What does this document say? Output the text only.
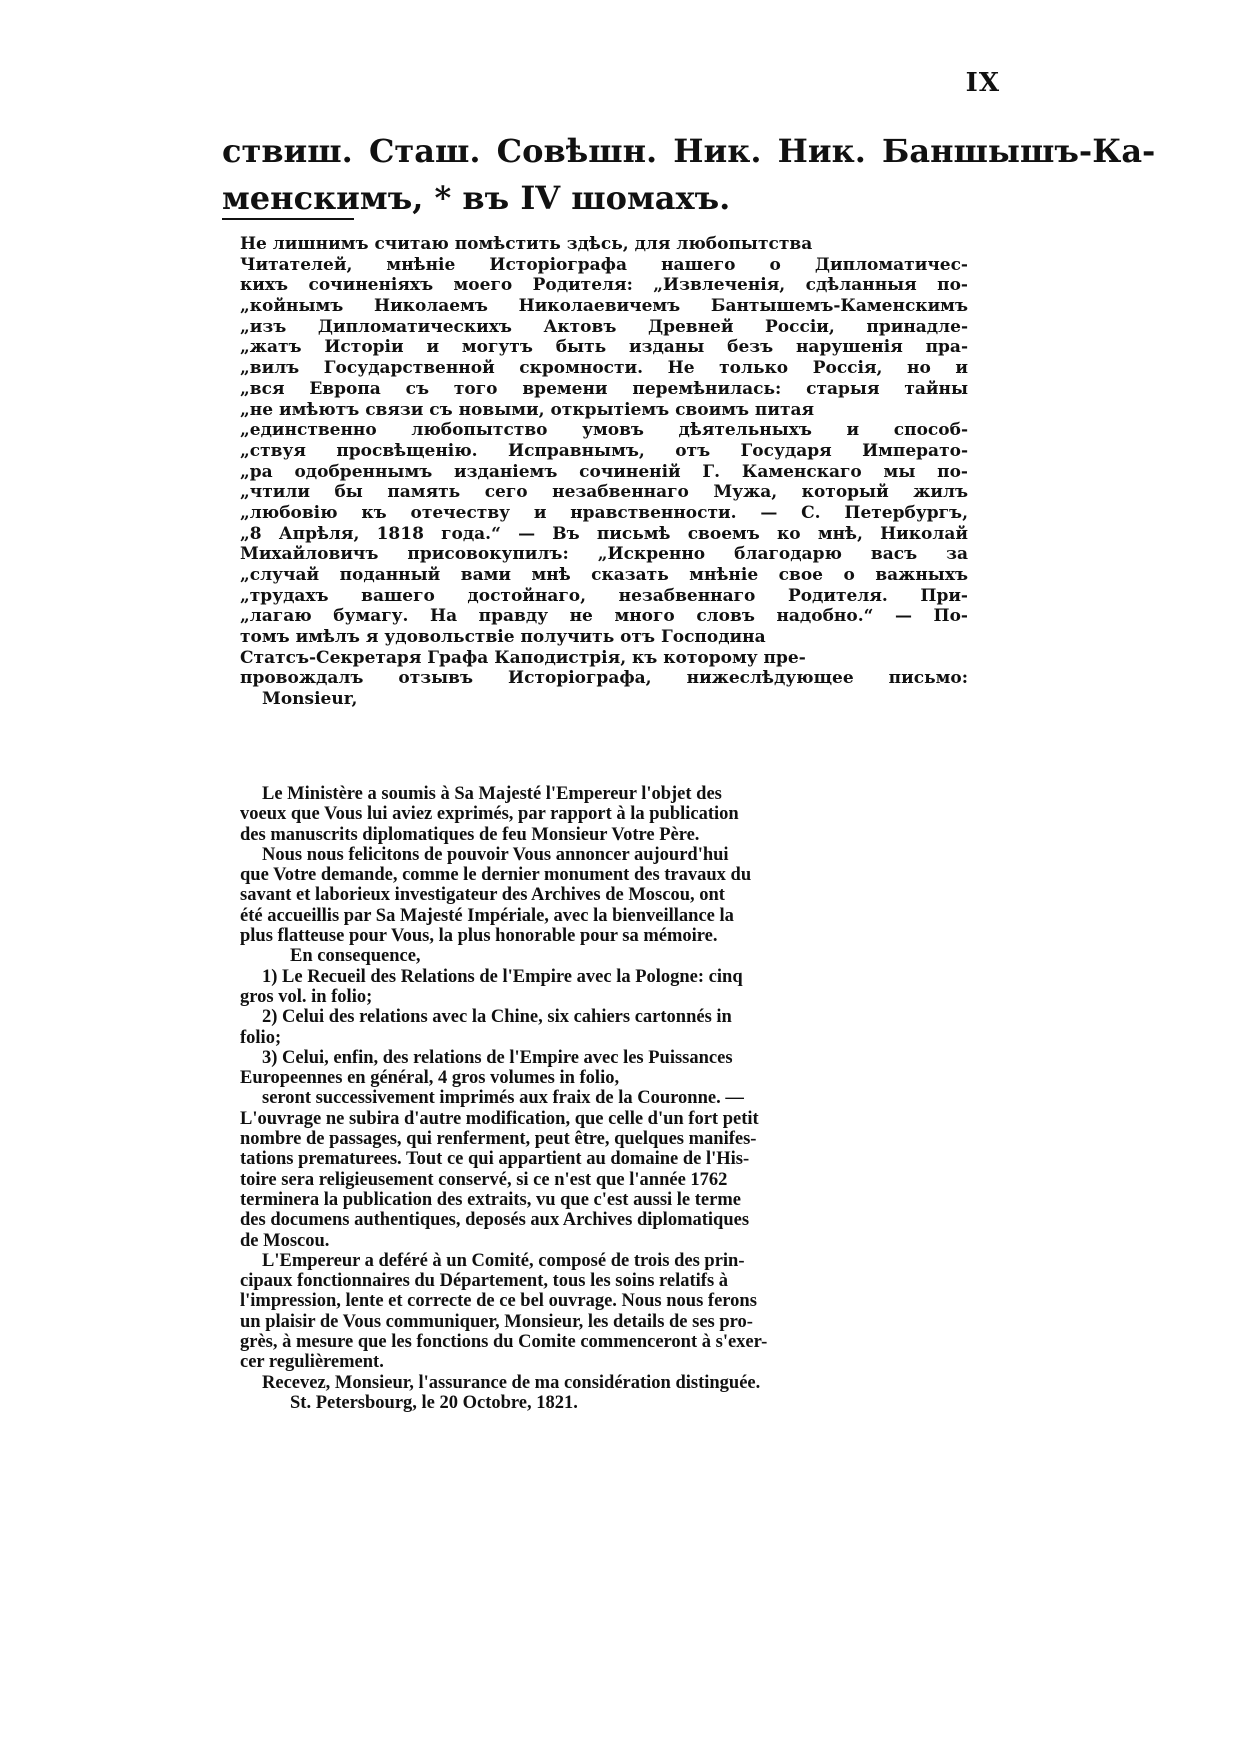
IX
ствиш. Сташ. Совѣшн. Ник. Ник. Баншышъ-Ка-
менскимъ, * въ IV шомахъ.
Не лишнимъ считаю помѣстить здѣсь, для любопытства
Читателей, мнѣніе Исторіографа нашего о Дипломатичес-
кихъ сочиненіяхъ моего Родителя: „Извлеченія, сдѣланныя по-
„койнымъ Николаемъ Николаевичемъ Бантышемъ-Каменскимъ
„изъ Дипломатическихъ Актовъ Древней Россіи, принадле-
„жатъ Исторіи и могутъ быть изданы безъ нарушенія пра-
„вилъ Государственной скромности. Не только Россія, но и
„вся Европа съ того времени перемѣнилась: старыя тайны
„не имѣютъ связи съ новыми, открытіемъ своимъ питая
„единственно любопытство умовъ дѣятельныхъ и способ-
„ствуя просвѣщенію. Исправнымъ, отъ Государя Императо-
„ра одобреннымъ изданіемъ сочиненій Г. Каменскаго мы по-
„чтили бы память сего незабвеннаго Мужа, который жилъ
„любовію къ отечеству и нравственности. — С. Петербургъ,
„8 Апрѣля, 1818 года.“ — Въ письмѣ своемъ ко мнѣ, Николай
Михайловичъ присовокупилъ: „Искренно благодарю васъ за
„случай поданный вами мнѣ сказать мнѣніе свое о важныхъ
„трудахъ вашего достойнаго, незабвеннаго Родителя. При-
„лагаю бумагу. На правду не много словъ надобно.“ — По-
томъ имѣлъ я удовольствіе получить отъ Господина
Статсъ-Секретаря Графа Каподистрія, къ которому пре-
провождалъ отзывъ Исторіографа, нижеслѣдующее письмо:
Monsieur,
Le Ministère a soumis à Sa Majesté l'Empereur l'objet des
voeux que Vous lui aviez exprimés, par rapport à la publication
des manuscrits diplomatiques de feu Monsieur Votre Père.
Nous nous felicitons de pouvoir Vous annoncer aujourd'hui
que Votre demande, comme le dernier monument des travaux du
savant et laborieux investigateur des Archives de Moscou, ont
été accueillis par Sa Majesté Impériale, avec la bienveillance la
plus flatteuse pour Vous, la plus honorable pour sa mémoire.
En consequence,
1) Le Recueil des Relations de l'Empire avec la Pologne: cinq
gros vol. in folio;
2) Celui des relations avec la Chine, six cahiers cartonnés in
folio;
3) Celui, enfin, des relations de l'Empire avec les Puissances
Europeennes en général, 4 gros volumes in folio,
seront successivement imprimés aux fraix de la Couronne. —
L'ouvrage ne subira d'autre modification, que celle d'un fort petit
nombre de passages, qui renferment, peut être, quelques manifes-
tations prematurees. Tout ce qui appartient au domaine de l'His-
toire sera religieusement conservé, si ce n'est que l'année 1762
terminera la publication des extraits, vu que c'est aussi le terme
des documens authentiques, deposés aux Archives diplomatiques
de Moscou.
L'Empereur a deféré à un Comité, composé de trois des prin-
cipaux fonctionnaires du Département, tous les soins relatifs à
l'impression, lente et correcte de ce bel ouvrage. Nous nous ferons
un plaisir de Vous communiquer, Monsieur, les details de ses pro-
grès, à mesure que les fonctions du Comite commenceront à s'exer-
cer regulièrement.
Recevez, Monsieur, l'assurance de ma considération distinguée.
St. Petersbourg, le 20 Octobre, 1821.
